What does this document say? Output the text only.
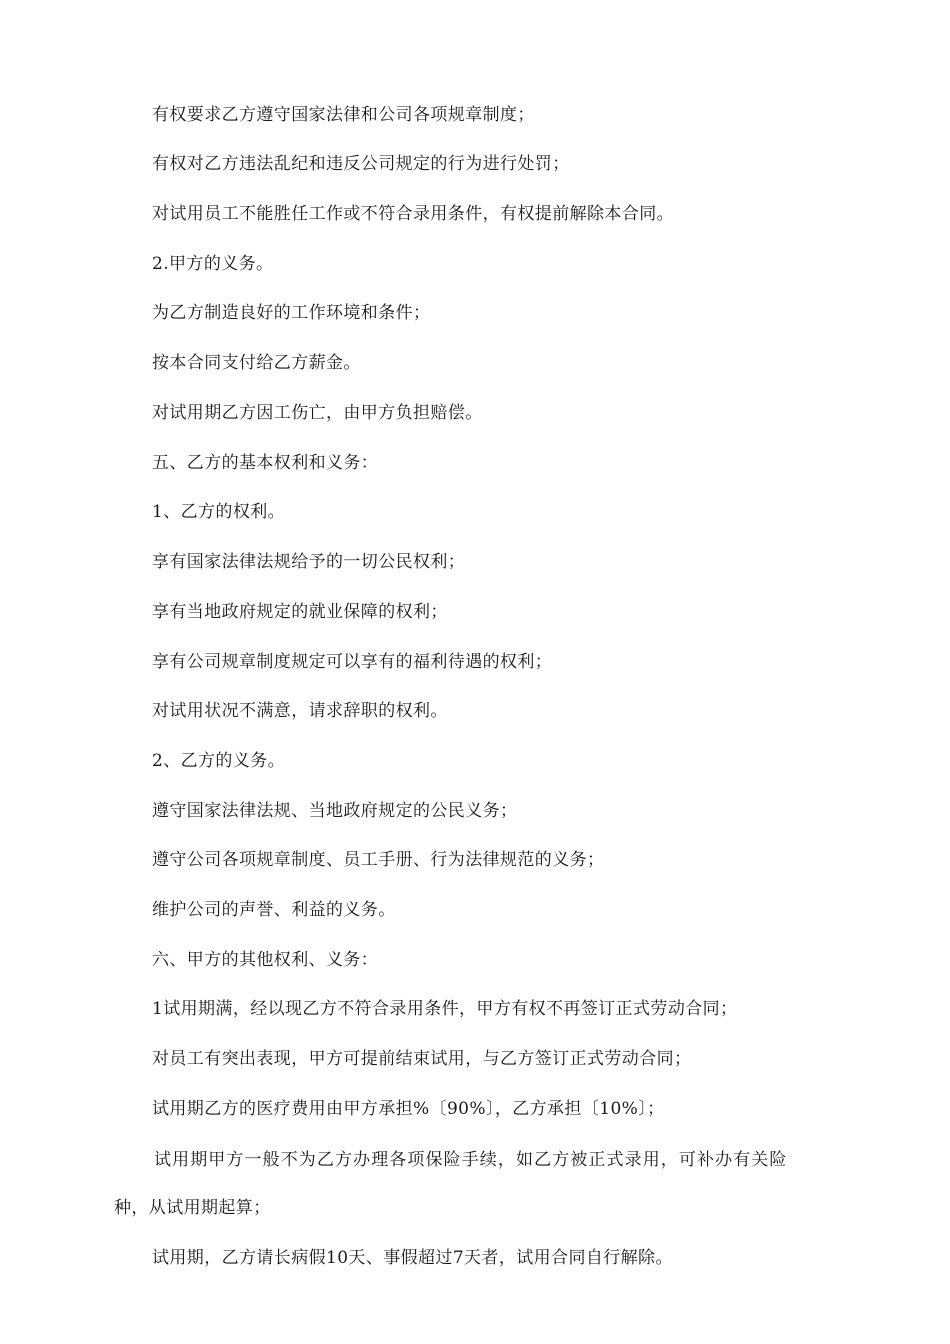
有权要求乙方遵守国家法律和公司各项规章制度；
有权对乙方违法乱纪和违反公司规定的行为进行处罚；
对试用员工不能胜任工作或不符合录用条件，有权提前解除本合同。
2.甲方的义务。
为乙方制造良好的工作环境和条件；
按本合同支付给乙方薪金。
对试用期乙方因工伤亡，由甲方负担赔偿。
五、乙方的基本权利和义务：
1、乙方的权利。
享有国家法律法规给予的一切公民权利；
享有当地政府规定的就业保障的权利；
享有公司规章制度规定可以享有的福利待遇的权利；
对试用状况不满意，请求辞职的权利。
2、乙方的义务。
遵守国家法律法规、当地政府规定的公民义务；
遵守公司各项规章制度、员工手册、行为法律规范的义务；
维护公司的声誉、利益的义务。
六、甲方的其他权利、义务：
1试用期满，经以现乙方不符合录用条件，甲方有权不再签订正式劳动合同；
对员工有突出表现，甲方可提前结束试用，与乙方签订正式劳动合同；
试用期乙方的医疗费用由甲方承担%〔90%〕，乙方承担〔10%〕；
试用期甲方一般不为乙方办理各项保险手续，如乙方被正式录用，可补办有关险
种，从试用期起算；
试用期，乙方请长病假10天、事假超过7天者，试用合同自行解除。
